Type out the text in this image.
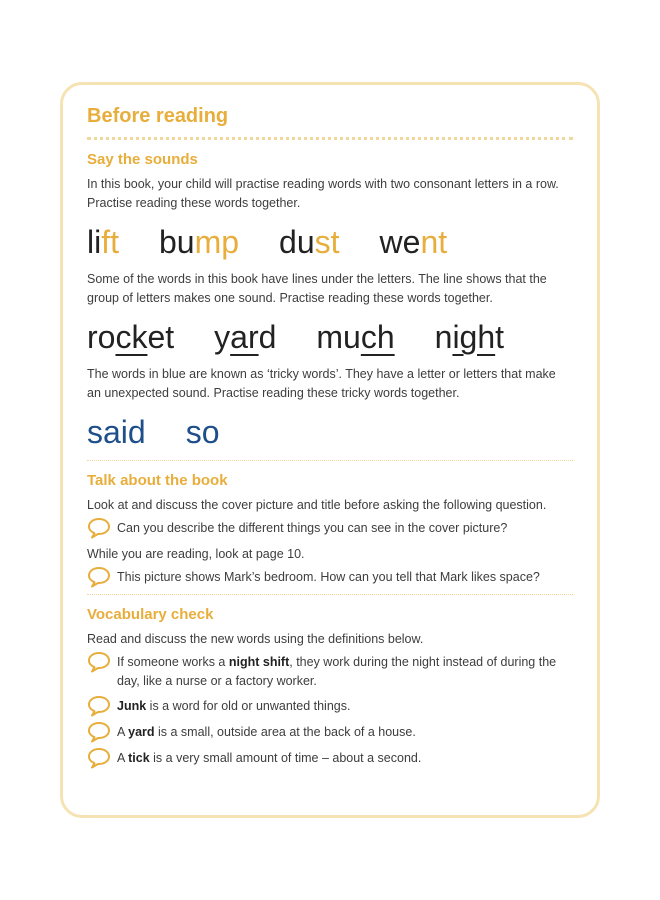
Before reading
Say the sounds

In this book, your child will practise reading words with two consonant letters in a row. Practise reading these words together.

lift bump dust went

Some of the words in this book have lines under the letters. The line shows that the group of letters makes one sound. Practise reading these words together.

rocket yard much night

The words in blue are known as ‘tricky words’. They have a letter or letters that make an unexpected sound. Practise reading these tricky words together.

said so
Talk about the book

Look at and discuss the cover picture and title before asking the following question.

Can you describe the different things you can see in the cover picture?

While you are reading, look at page 10.

This picture shows Mark’s bedroom. How can you tell that Mark likes space?
Vocabulary check

Read and discuss the new words using the definitions below.

If someone works a night shift, they work during the night instead of during the day, like a nurse or a factory worker.
Junk is a word for old or unwanted things.
A yard is a small, outside area at the back of a house.
A tick is a very small amount of time – about a second.
